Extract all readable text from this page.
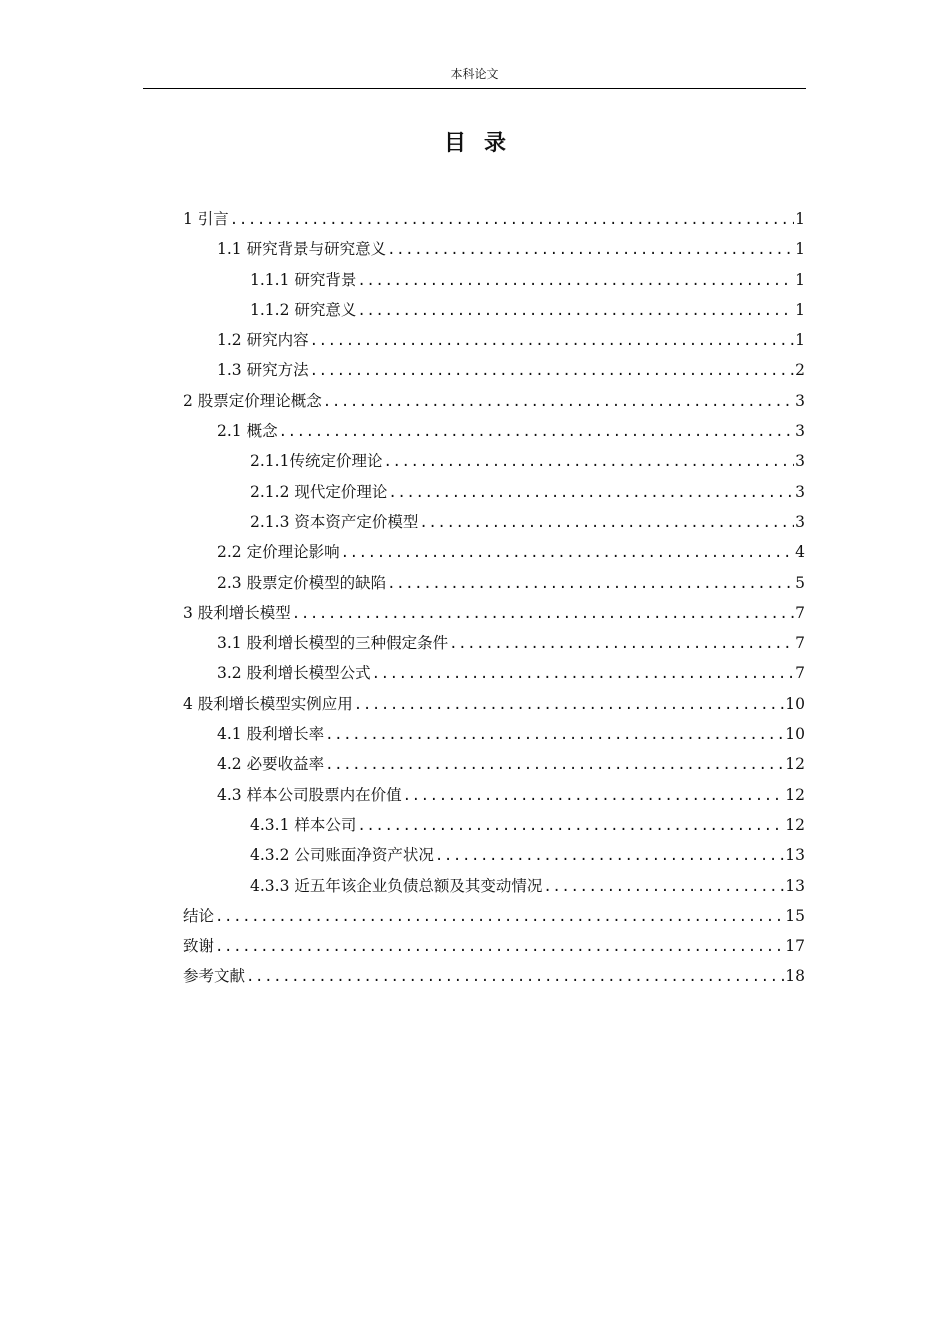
本科论文
目录
1 引言 .....	1
1.1 研究背景与研究意义 .....	1
1.1.1 研究背景 .....	1
1.1.2 研究意义 .....	1
1.2 研究内容 .....	1
1.3 研究方法 .....	2
2 股票定价理论概念 .....	3
2.1 概念 .....	3
2.1.1传统定价理论 .....	3
2.1.2 现代定价理论 .....	3
2.1.3 资本资产定价模型 .....	3
2.2 定价理论影响 .....	4
2.3 股票定价模型的缺陷 .....	5
3 股利增长模型 .....	7
3.1 股利增长模型的三种假定条件 .....	7
3.2 股利增长模型公式 .....	7
4 股利增长模型实例应用 .....	10
4.1 股利增长率 .....	10
4.2 必要收益率 .....	12
4.3 样本公司股票内在价值 .....	12
4.3.1 样本公司 .....	12
4.3.2 公司账面净资产状况 .....	13
4.3.3 近五年该企业负债总额及其变动情况 .....	13
结论 .....	15
致谢 .....	17
参考文献 .....	18
